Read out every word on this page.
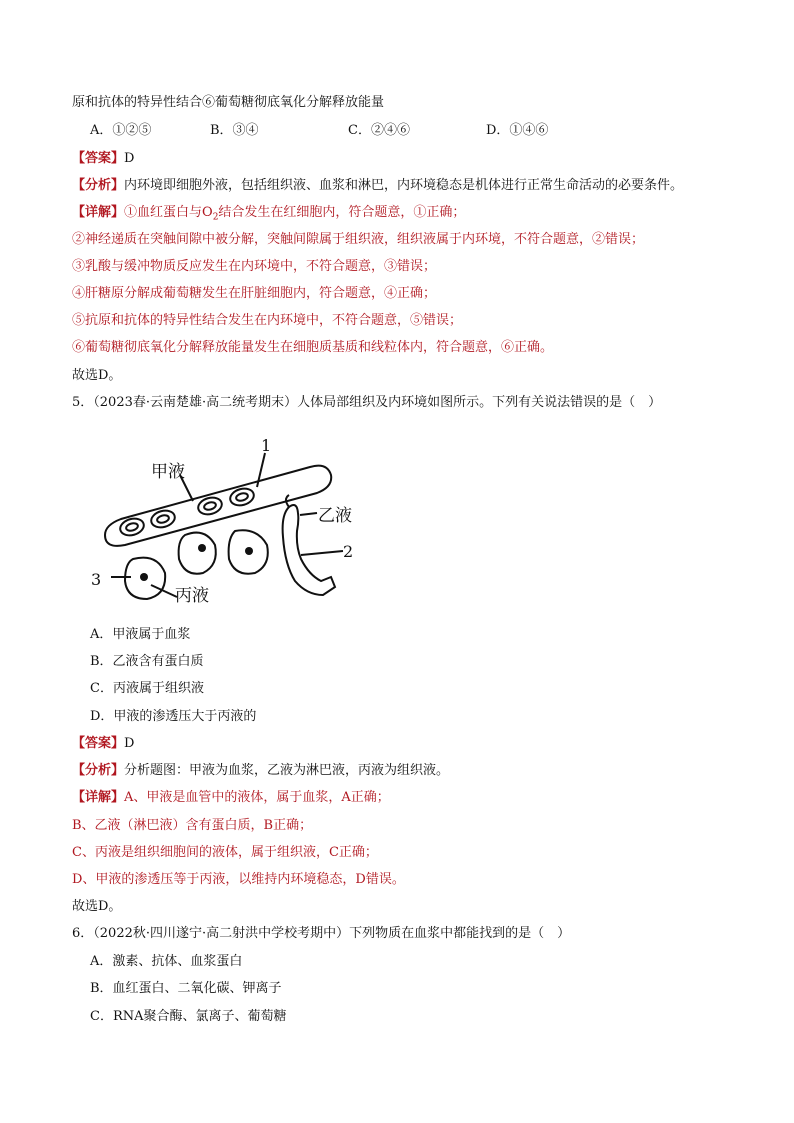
原和抗体的特异性结合⑥葡萄糖彻底氧化分解释放能量
A．①②⑤	B．③④	C．②④⑥	D．①④⑥
【答案】D
【分析】内环境即细胞外液，包括组织液、血浆和淋巴，内环境稳态是机体进行正常生命活动的必要条件。
【详解】①血红蛋白与$O_2$结合发生在红细胞内，符合题意，①正确；
②神经递质在突触间隙中被分解，突触间隙属于组织液，组织液属于内环境，不符合题意，②错误；
③乳酸与缓冲物质反应发生在内环境中，不符合题意，③错误；
④肝糖原分解成葡萄糖发生在肝脏细胞内，符合题意，④正确；
⑤抗原和抗体的特异性结合发生在内环境中，不符合题意，⑤错误；
⑥葡萄糖彻底氧化分解释放能量发生在细胞质基质和线粒体内，符合题意，⑥正确。
故选D。
5．（2023春·云南楚雄·高二统考期末）人体局部组织及内环境如图所示。下列有关说法错误的是（　）
甲液
1
乙液
2
3
丙液
A．甲液属于血浆
B．乙液含有蛋白质
C．丙液属于组织液
D．甲液的渗透压大于丙液的
【答案】D
【分析】分析题图：甲液为血浆，乙液为淋巴液，丙液为组织液。
【详解】A、甲液是血管中的液体，属于血浆，A正确；
B、乙液（淋巴液）含有蛋白质，B正确；
C、丙液是组织细胞间的液体，属于组织液，C正确；
D、甲液的渗透压等于丙液，以维持内环境稳态，D错误。
故选D。
6．（2022秋·四川遂宁·高二射洪中学校考期中）下列物质在血浆中都能找到的是（　）
A．激素、抗体、血浆蛋白
B．血红蛋白、二氧化碳、钾离子
C．RNA聚合酶、氯离子、葡萄糖
